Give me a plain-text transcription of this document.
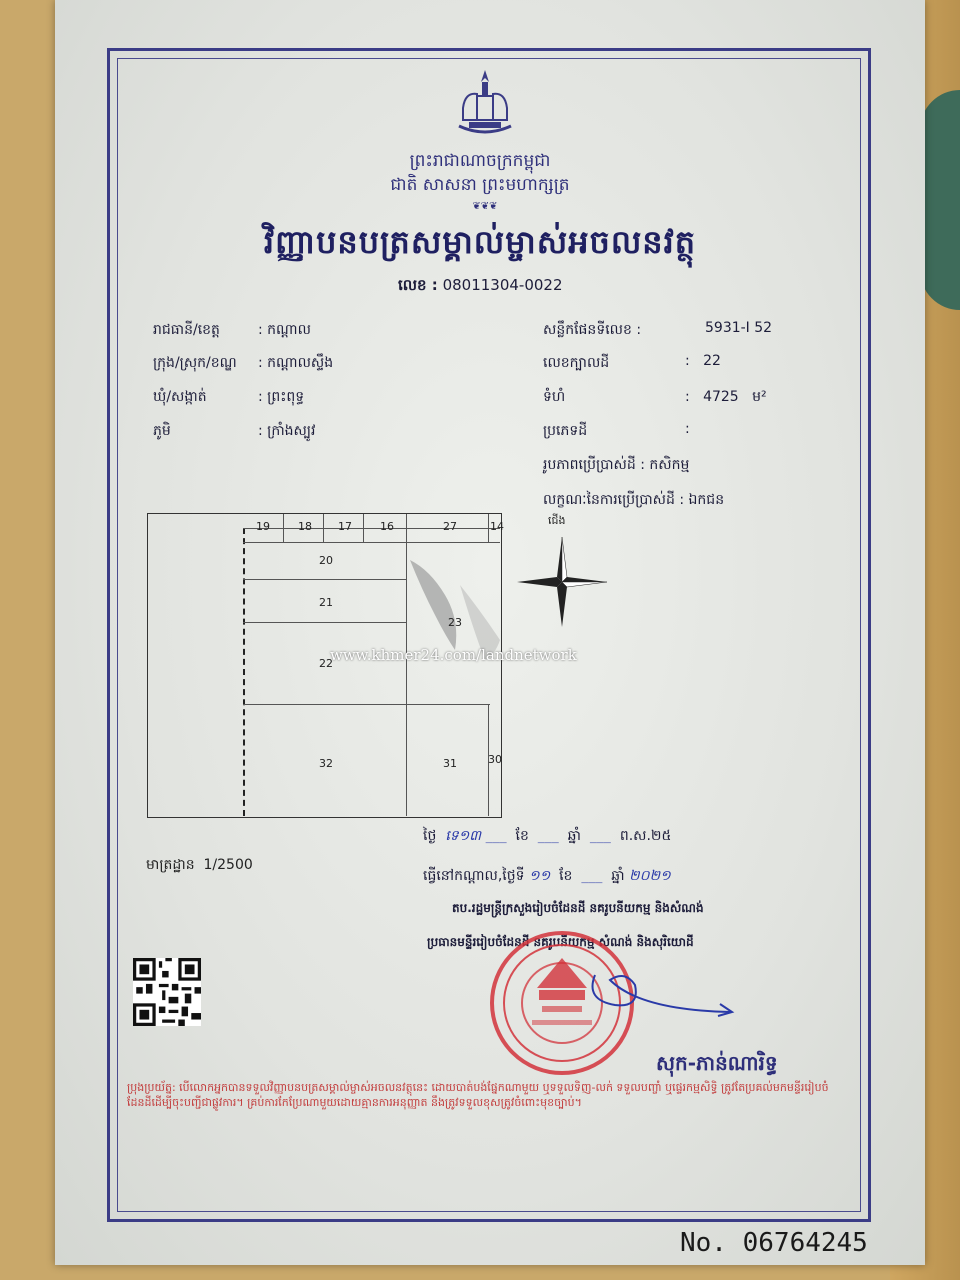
ព្រះរាជាណាចក្រកម្ពុជា
ជាតិ សាសនា ព្រះមហាក្សត្រ
❦❦❦
វិញ្ញាបនបត្រសម្គាល់ម្ចាស់អចលនវត្ថុ
លេខ : 08011304-0022
រាជធានី/ខេត្ត	: កណ្តាល
ក្រុង/ស្រុក/ខណ្ឌ : កណ្តាលស្ទឹង
ឃុំ/សង្កាត់	: ព្រះពុទ្ធ
ភូមិ	: ក្រាំងស្បូវ
សន្លឹកផែនទីលេខ :	5931-I 52
លេខក្បាលដី	: 22
ទំហំ	: 4725 ម²
ប្រភេទដី	:
រូបភាពប្រើប្រាស់ដី : កសិកម្ម
លក្ខណៈនៃការប្រើប្រាស់ដី : ឯកជន
19	18 17	16	27	14
20
21
23
22
32	31	30
ជើង
www.khmer24.com/landnetwork
មាត្រដ្ឋាន 1/2500
ថ្ងៃ  ទេ១៣ ___  ខែ  ___  ឆ្នាំ  ___  ព.ស.២៥
ធ្វើនៅកណ្តាល,ថ្ងៃទី ១១ ខែ  ___  ឆ្នាំ ២០២១
តប.រដ្ឋមន្ត្រីក្រសួងរៀបចំដែនដី នគរូបនីយកម្ម និងសំណង់
ប្រធានមន្ទីររៀបចំដែនដី នគរូបនីយកម្ម សំណង់ និងសុរិយោដី
សុក-ភាន់ណារិទ្ធ
ប្រុងប្រយ័ត្ន: បើលោកអ្នកបានទទួលវិញ្ញាបនបត្រសម្គាល់ម្ចាស់អចលនវត្ថុនេះ ដោយបាត់បង់ផ្នែកណាមួយ ឬទទួលទិញ-លក់ ទទួលបញ្ចាំ ឬផ្ទេរកម្មសិទ្ធិ ត្រូវតែប្រគល់មកមន្ទីររៀបចំដែនដីដើម្បីចុះបញ្ជីជាផ្លូវការ។ គ្រប់ការកែប្រែណាមួយដោយគ្មានការអនុញ្ញាត នឹងត្រូវទទួលខុសត្រូវចំពោះមុខច្បាប់។
No. 06764245
